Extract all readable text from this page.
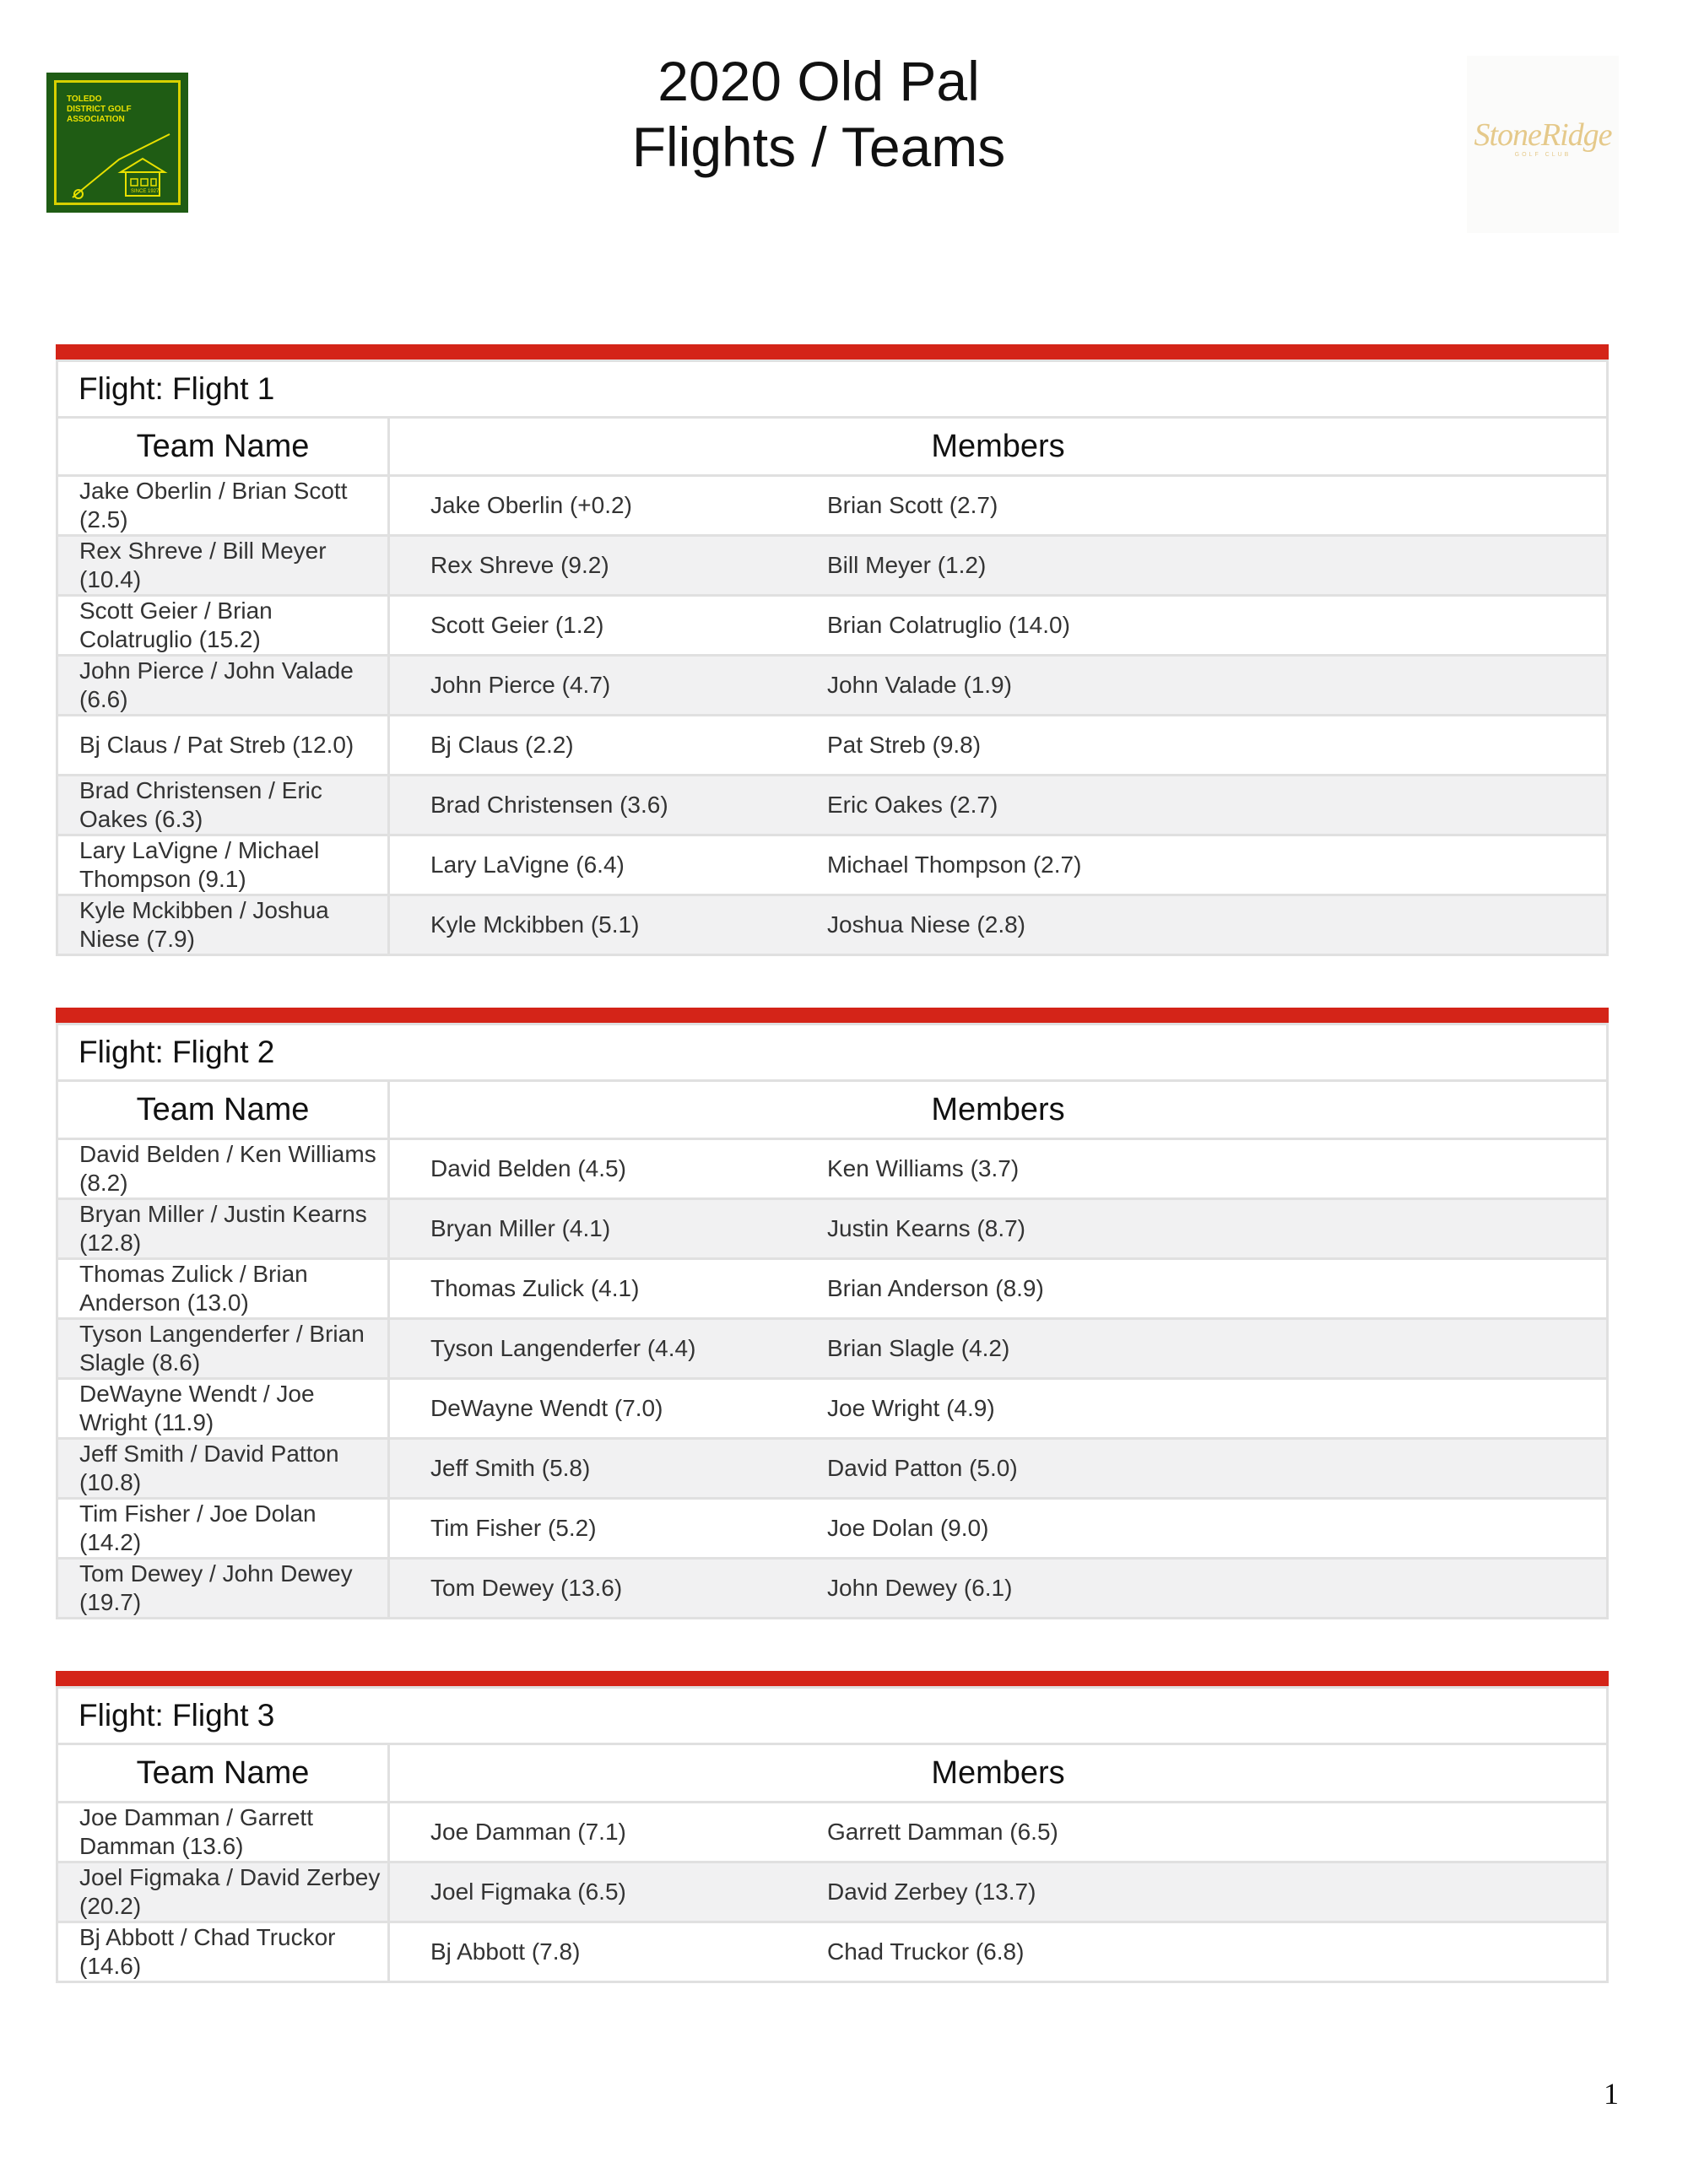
TOLEDO DISTRICT GOLF ASSOCIATION
SINCE 1927
2020 Old Pal
Flights / Teams	StoneRidge
GOLF CLUB
Flight: Flight 1	
Team Name	Members
Jake Oberlin / Brian Scott (2.5)	Jake Oberlin (+0.2) Brian Scott (2.7)

Rex Shreve / Bill Meyer (10.4)	Rex Shreve (9.2) Bill Meyer (1.2)

Scott Geier / Brian Colatruglio (15.2)	Scott Geier (1.2) Brian Colatruglio (14.0)

John Pierce / John Valade (6.6)	John Pierce (4.7) John Valade (1.9)

Bj Claus / Pat Streb (12.0)	Bj Claus (2.2) Pat Streb (9.8)

Brad Christensen / Eric Oakes (6.3)	Brad Christensen (3.6) Eric Oakes (2.7)

Lary LaVigne / Michael Thompson (9.1)	Lary LaVigne (6.4) Michael Thompson (2.7)

Kyle Mckibben / Joshua Niese (7.9)	Kyle Mckibben (5.1) Joshua Niese (2.8)
Flight: Flight 2	
Team Name	Members
David Belden / Ken Williams (8.2)	David Belden (4.5) Ken Williams (3.7)

Bryan Miller / Justin Kearns (12.8)	Bryan Miller (4.1) Justin Kearns (8.7)

Thomas Zulick / Brian Anderson (13.0)	Thomas Zulick (4.1) Brian Anderson (8.9)

Tyson Langenderfer / Brian Slagle (8.6)	Tyson Langenderfer (4.4) Brian Slagle (4.2)

DeWayne Wendt / Joe Wright (11.9)	DeWayne Wendt (7.0) Joe Wright (4.9)

Jeff Smith / David Patton (10.8)	Jeff Smith (5.8) David Patton (5.0)

Tim Fisher / Joe Dolan (14.2)	Tim Fisher (5.2) Joe Dolan (9.0)

Tom Dewey / John Dewey (19.7)	Tom Dewey (13.6) John Dewey (6.1)
Flight: Flight 3	
Team Name	Members
Joe Damman / Garrett Damman (13.6)	Joe Damman (7.1) Garrett Damman (6.5)

Joel Figmaka / David Zerbey (20.2)	Joel Figmaka (6.5) David Zerbey (13.7)

Bj Abbott / Chad Truckor (14.6)	Bj Abbott (7.8) Chad Truckor (6.8)
1
